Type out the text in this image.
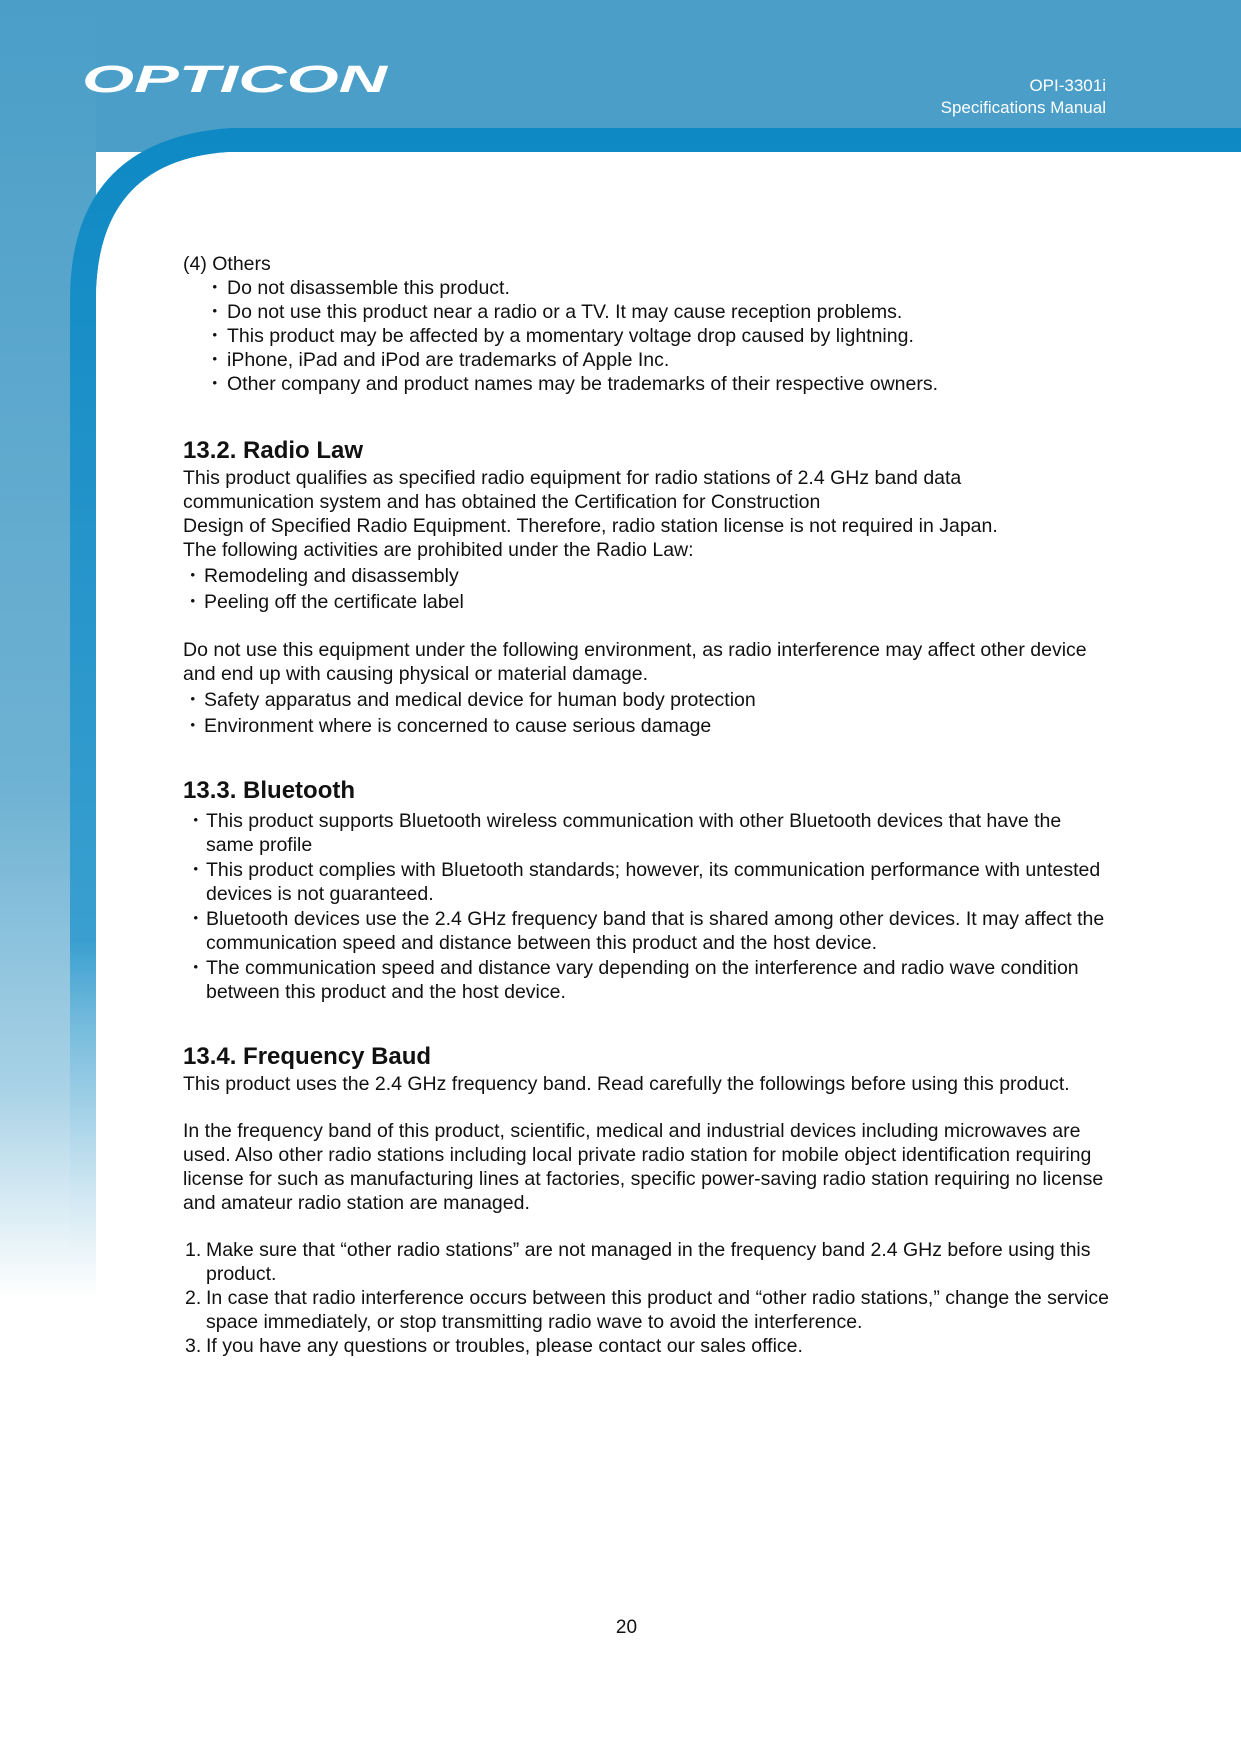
OPTICON	OPI-3301i
Specifications Manual

(4) Others

・ Do not disassemble this product.
・ Do not use this product near a radio or a TV. It may cause reception problems.
・ This product may be affected by a momentary voltage drop caused by lightning.
・ iPhone, iPad and iPod are trademarks of Apple Inc.
・ Other company and product names may be trademarks of their respective owners.
13.2. Radio Law

This product qualifies as specified radio equipment for radio stations of 2.4 GHz band data

communication system and has obtained the Certification for Construction

Design of Specified Radio Equipment. Therefore, radio station license is not required in Japan.

The following activities are prohibited under the Radio Law:

・ Remodeling and disassembly
・ Peeling off the certificate label

Do not use this equipment under the following environment, as radio interference may affect other device and end up with causing physical or material damage.

・ Safety apparatus and medical device for human body protection
・ Environment where is concerned to cause serious damage
13.3. Bluetooth
・ This product supports Bluetooth wireless communication with other Bluetooth devices that have the same profile
・ This product complies with Bluetooth standards; however, its communication performance with untested devices is not guaranteed.
・ Bluetooth devices use the 2.4 GHz frequency band that is shared among other devices. It may affect the communication speed and distance between this product and the host device.
・ The communication speed and distance vary depending on the interference and radio wave condition between this product and the host device.
13.4. Frequency Baud

This product uses the 2.4 GHz frequency band. Read carefully the followings before using this product.

In the frequency band of this product, scientific, medical and industrial devices including microwaves are used. Also other radio stations including local private radio station for mobile object identification requiring license for such as manufacturing lines at factories, specific power-saving radio station requiring no license and amateur radio station are managed.

1. Make sure that “other radio stations” are not managed in the frequency band 2.4 GHz before using this product.
2. In case that radio interference occurs between this product and “other radio stations,” change the service space immediately, or stop transmitting radio wave to avoid the interference.
3. If you have any questions or troubles, please contact our sales office.
20
